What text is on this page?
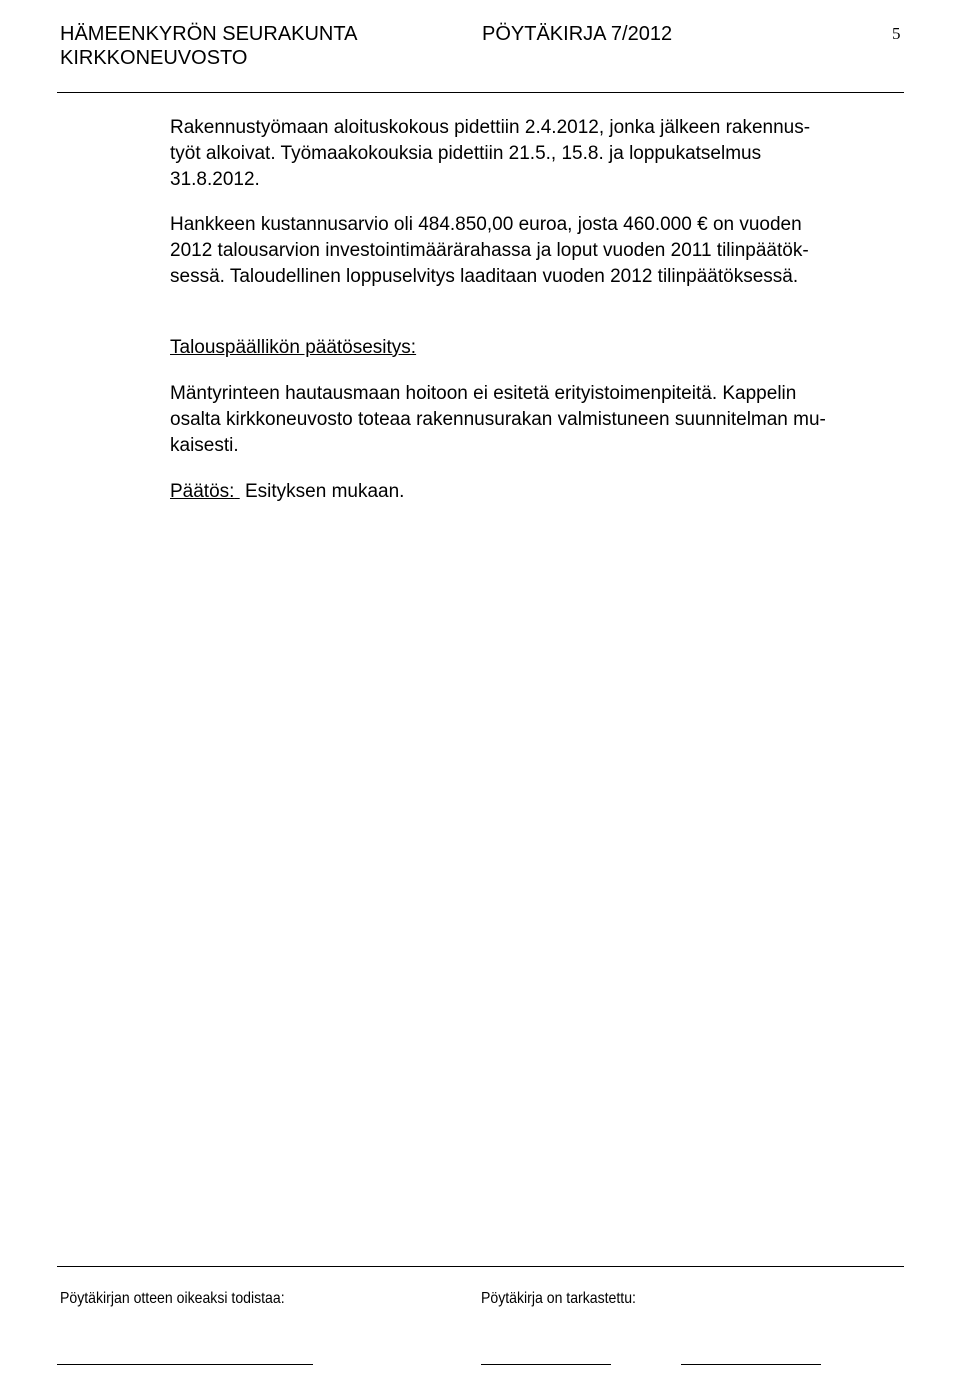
HÄMEENKYRÖN SEURAKUNTA
KIRKKONEUVOSTO
PÖYTÄKIRJA 7/2012	5

Rakennustyömaan aloituskokous pidettiin 2.4.2012, jonka jälkeen rakennus-

työt alkoivat. Työmaakokouksia pidettiin 21.5., 15.8. ja loppukatselmus

31.8.2012.

Hankkeen kustannusarvio oli 484.850,00 euroa, josta 460.000 € on vuoden

2012 talousarvion investointimäärärahassa ja loput vuoden 2011 tilinpäätök-

sessä. Taloudellinen loppuselvitys laaditaan vuoden 2012 tilinpäätöksessä.

Talouspäällikön päätösesitys:

Mäntyrinteen hautausmaan hoitoon ei esitetä erityistoimenpiteitä. Kappelin

osalta kirkkoneuvosto toteaa rakennusurakan valmistuneen suunnitelman mu-

kaisesti.

Päätös:  Esityksen mukaan.

Pöytäkirjan otteen oikeaksi todistaa:	Pöytäkirja on tarkastettu:
